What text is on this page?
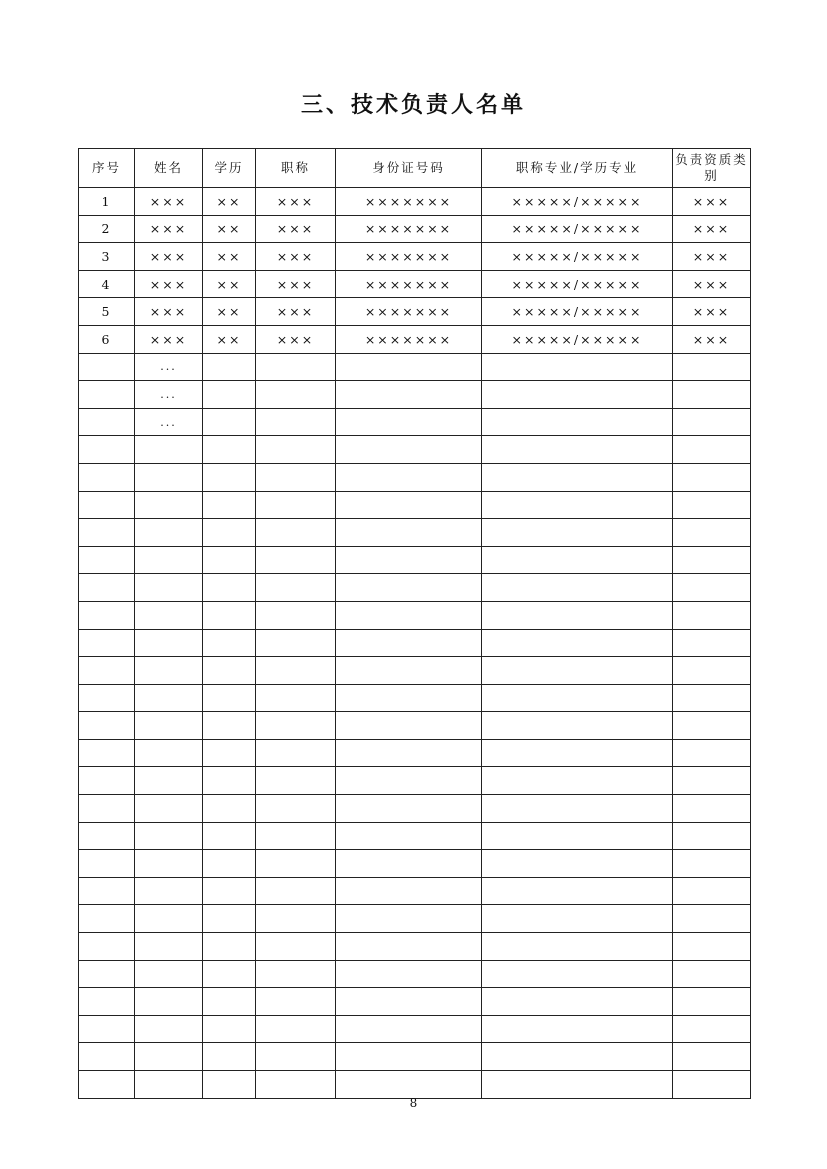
三、技术负责人名单
序号	姓名	学历	职称	身份证号码	职称专业/学历专业	负责资质类别
1	×××	××	×××	×××××××	×××××/×××××	×××
2	×××	××	×××	×××××××	×××××/×××××	×××
3	×××	××	×××	×××××××	×××××/×××××	×××
4	×××	××	×××	×××××××	×××××/×××××	×××
5	×××	××	×××	×××××××	×××××/×××××	×××
6	×××	××	×××	×××××××	×××××/×××××	×××
	...					
	...					
	...					

8
